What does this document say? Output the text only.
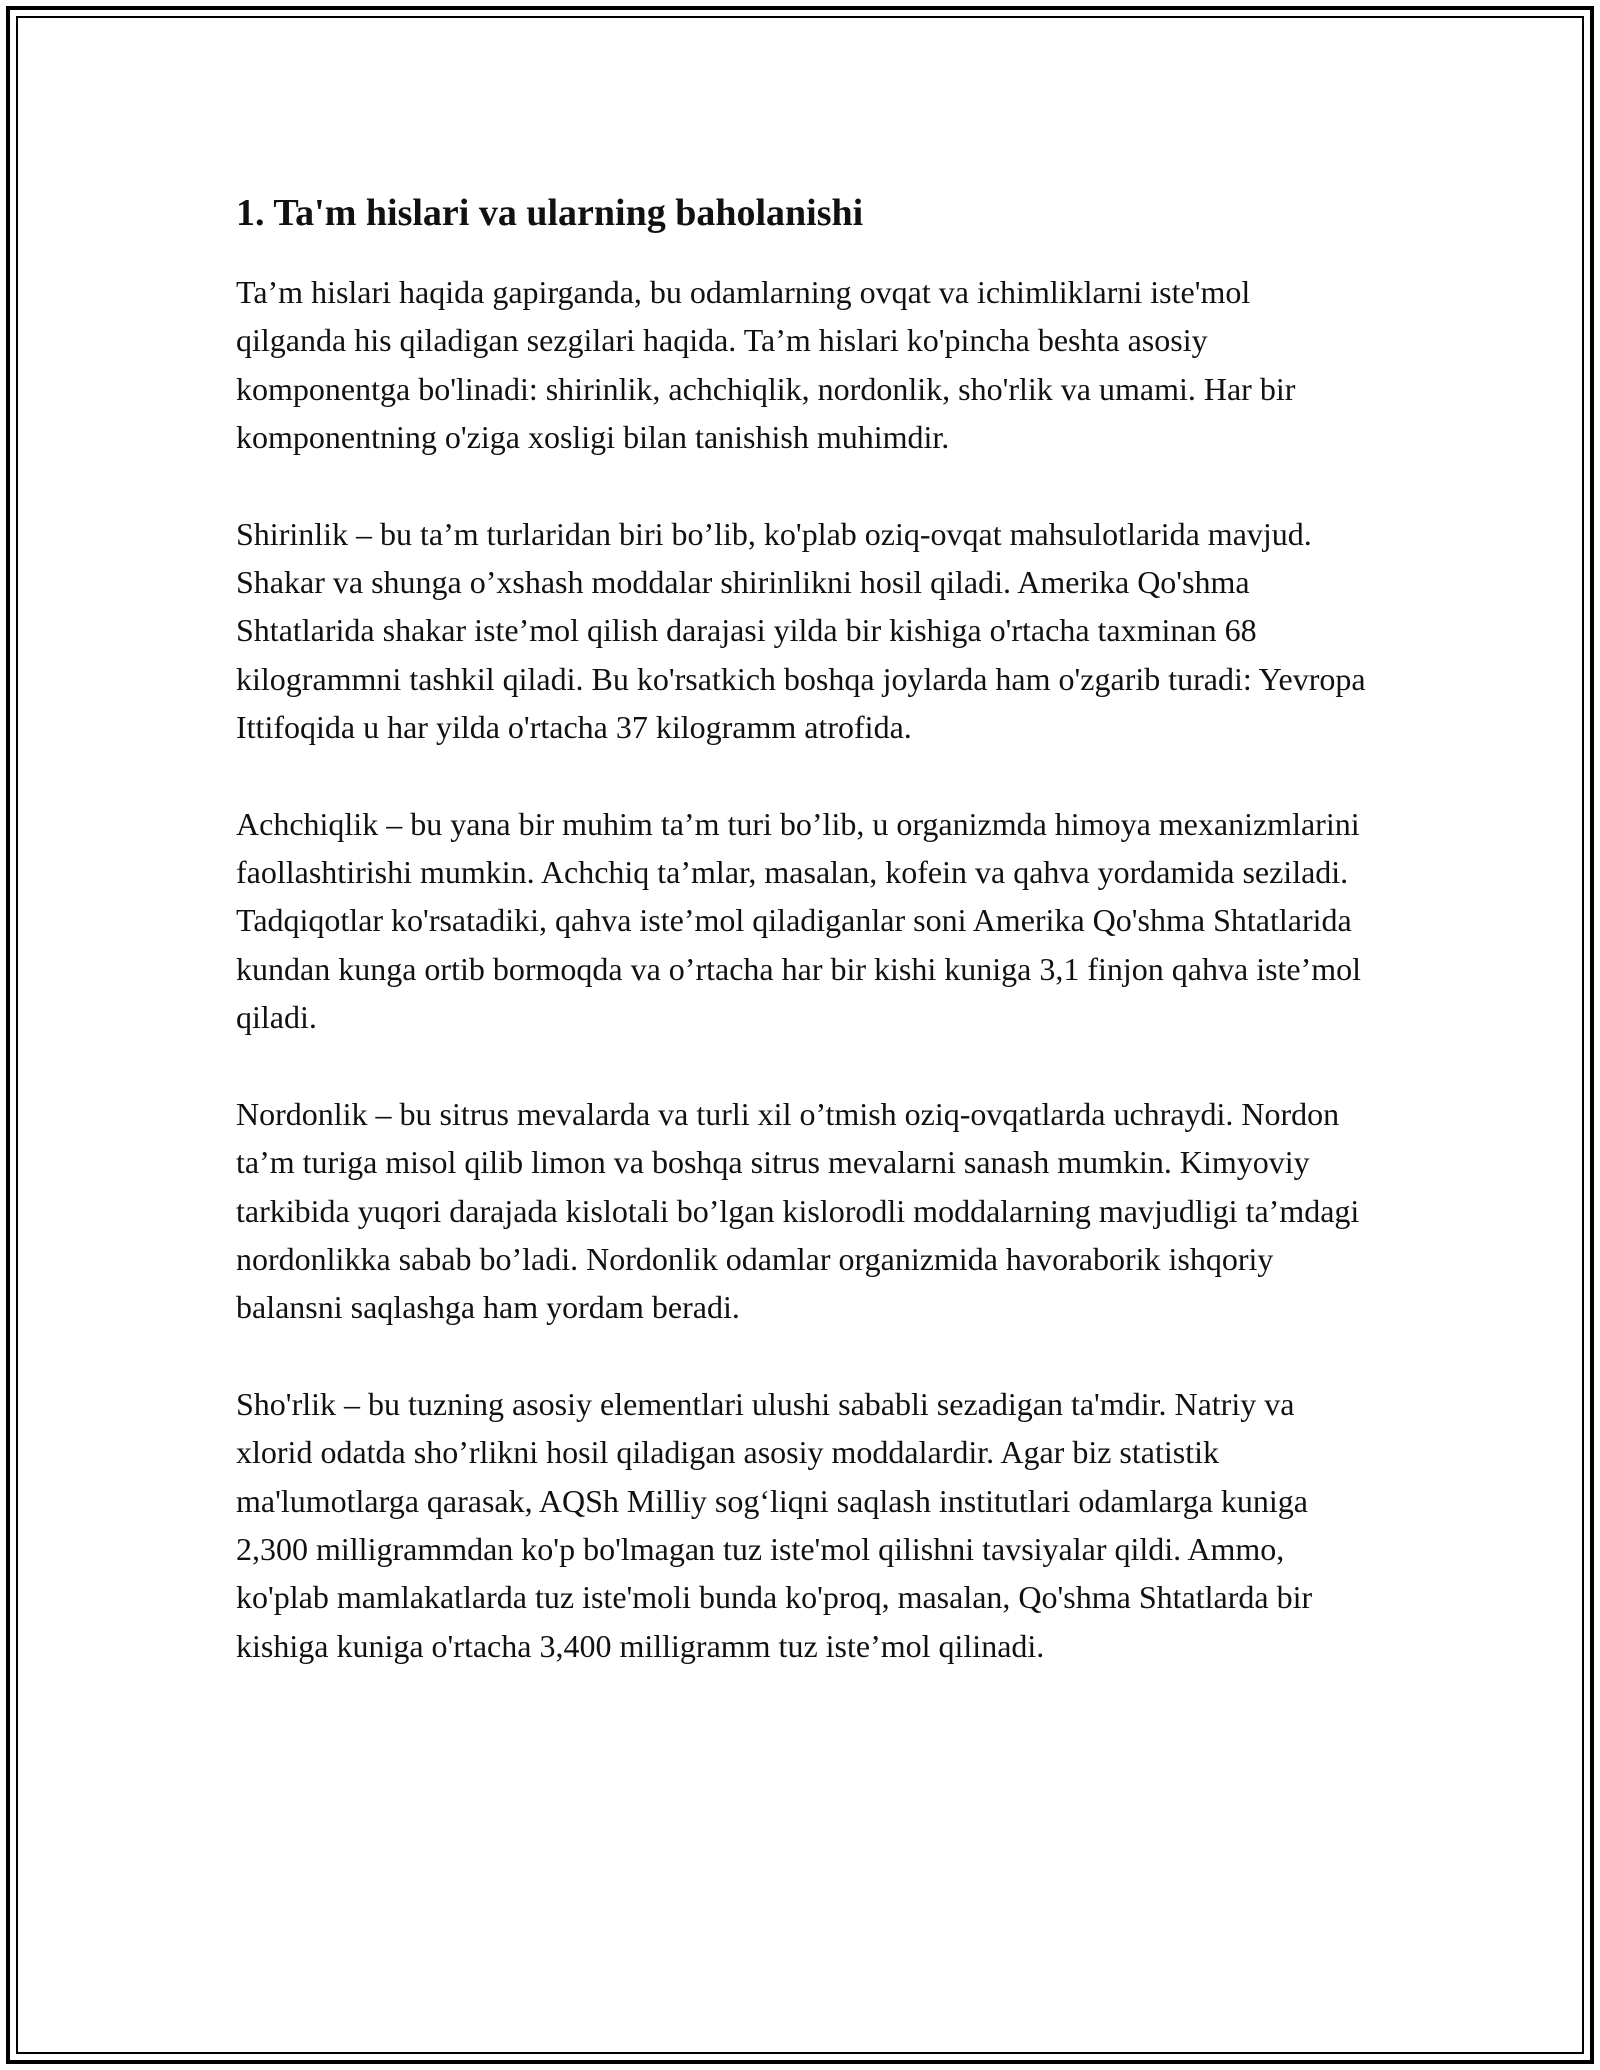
1. Ta'm hislari va ularning baholanishi

Ta’m hislari haqida gapirganda, bu odamlarning ovqat va ichimliklarni iste'mol qilganda his qiladigan sezgilari haqida. Ta’m hislari ko'pincha beshta asosiy komponentga bo'linadi: shirinlik, achchiqlik, nordonlik, sho'rlik va umami. Har bir komponentning o'ziga xosligi bilan tanishish muhimdir.

Shirinlik – bu ta’m turlaridan biri bo’lib, ko'plab oziq-ovqat mahsulotlarida mavjud. Shakar va shunga o’xshash moddalar shirinlikni hosil qiladi. Amerika Qo'shma Shtatlarida shakar iste’mol qilish darajasi yilda bir kishiga o'rtacha taxminan 68 kilogrammni tashkil qiladi. Bu ko'rsatkich boshqa joylarda ham o'zgarib turadi: Yevropa Ittifoqida u har yilda o'rtacha 37 kilogramm atrofida.

Achchiqlik – bu yana bir muhim ta’m turi bo’lib, u organizmda himoya mexanizmlarini faollashtirishi mumkin. Achchiq ta’mlar, masalan, kofein va qahva yordamida seziladi. Tadqiqotlar ko'rsatadiki, qahva iste’mol qiladiganlar soni Amerika Qo'shma Shtatlarida kundan kunga ortib bormoqda va o’rtacha har bir kishi kuniga 3,1 finjon qahva iste’mol qiladi.

Nordonlik – bu sitrus mevalarda va turli xil o’tmish oziq-ovqatlarda uchraydi. Nordon ta’m turiga misol qilib limon va boshqa sitrus mevalarni sanash mumkin. Kimyoviy tarkibida yuqori darajada kislotali bo’lgan kislorodli moddalarning mavjudligi ta’mdagi nordonlikka sabab bo’ladi. Nordonlik odamlar organizmida havoraborik ishqoriy balansni saqlashga ham yordam beradi.

Sho'rlik – bu tuzning asosiy elementlari ulushi sababli sezadigan ta'mdir. Natriy va xlorid odatda sho’rlikni hosil qiladigan asosiy moddalardir. Agar biz statistik ma'lumotlarga qarasak, AQSh Milliy sog‘liqni saqlash institutlari odamlarga kuniga 2,300 milligrammdan ko'p bo'lmagan tuz iste'mol qilishni tavsiyalar qildi. Ammo, ko'plab mamlakatlarda tuz iste'moli bunda ko'proq, masalan, Qo'shma Shtatlarda bir kishiga kuniga o'rtacha 3,400 milligramm tuz iste’mol qilinadi.
